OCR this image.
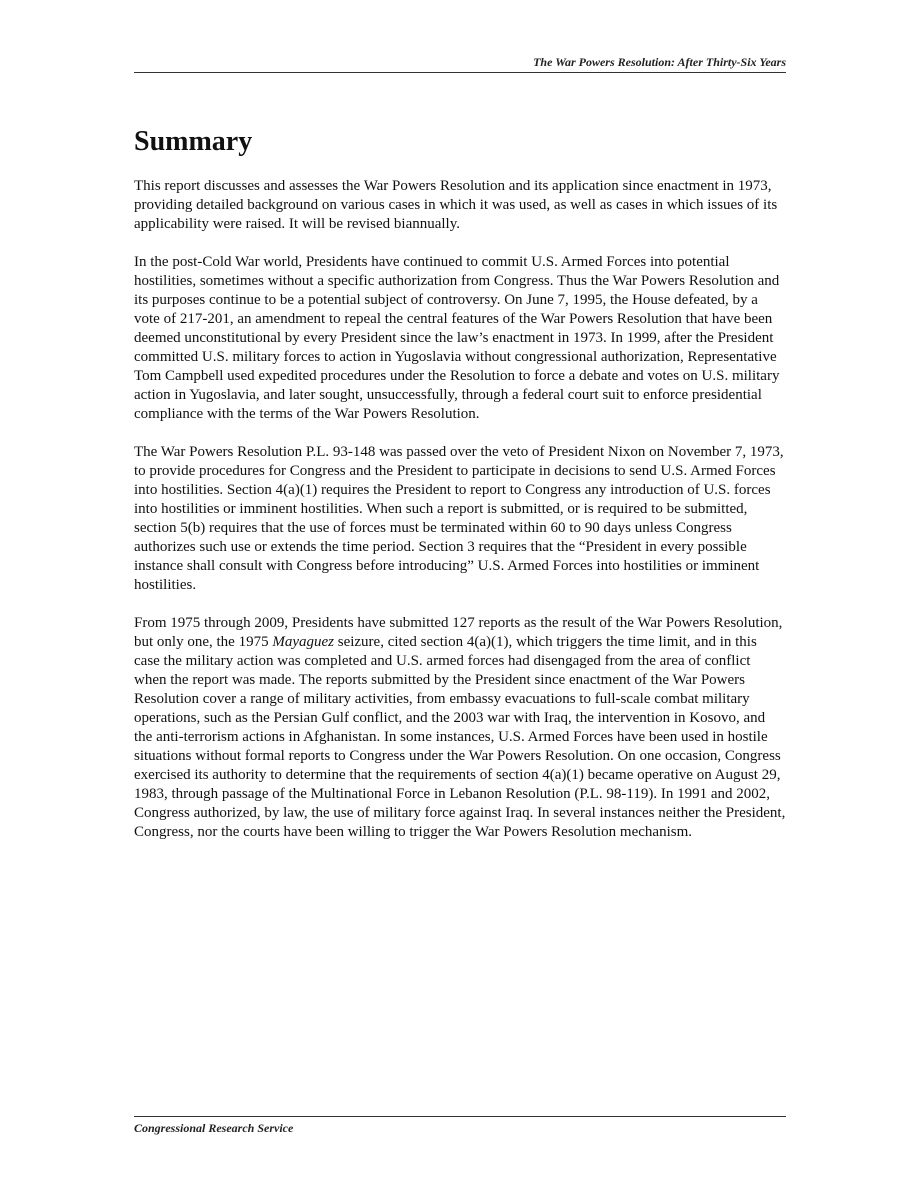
The War Powers Resolution: After Thirty-Six Years
Summary

This report discusses and assesses the War Powers Resolution and its application since enactment in 1973, providing detailed background on various cases in which it was used, as well as cases in which issues of its applicability were raised. It will be revised biannually.

In the post-Cold War world, Presidents have continued to commit U.S. Armed Forces into potential hostilities, sometimes without a specific authorization from Congress. Thus the War Powers Resolution and its purposes continue to be a potential subject of controversy. On June 7, 1995, the House defeated, by a vote of 217-201, an amendment to repeal the central features of the War Powers Resolution that have been deemed unconstitutional by every President since the law’s enactment in 1973. In 1999, after the President committed U.S. military forces to action in Yugoslavia without congressional authorization, Representative Tom Campbell used expedited procedures under the Resolution to force a debate and votes on U.S. military action in Yugoslavia, and later sought, unsuccessfully, through a federal court suit to enforce presidential compliance with the terms of the War Powers Resolution.

The War Powers Resolution P.L. 93-148 was passed over the veto of President Nixon on November 7, 1973, to provide procedures for Congress and the President to participate in decisions to send U.S. Armed Forces into hostilities. Section 4(a)(1) requires the President to report to Congress any introduction of U.S. forces into hostilities or imminent hostilities. When such a report is submitted, or is required to be submitted, section 5(b) requires that the use of forces must be terminated within 60 to 90 days unless Congress authorizes such use or extends the time period. Section 3 requires that the “President in every possible instance shall consult with Congress before introducing” U.S. Armed Forces into hostilities or imminent hostilities.

From 1975 through 2009, Presidents have submitted 127 reports as the result of the War Powers Resolution, but only one, the 1975 Mayaguez seizure, cited section 4(a)(1), which triggers the time limit, and in this case the military action was completed and U.S. armed forces had disengaged from the area of conflict when the report was made. The reports submitted by the President since enactment of the War Powers Resolution cover a range of military activities, from embassy evacuations to full-scale combat military operations, such as the Persian Gulf conflict, and the 2003 war with Iraq, the intervention in Kosovo, and the anti-terrorism actions in Afghanistan. In some instances, U.S. Armed Forces have been used in hostile situations without formal reports to Congress under the War Powers Resolution. On one occasion, Congress exercised its authority to determine that the requirements of section 4(a)(1) became operative on August 29, 1983, through passage of the Multinational Force in Lebanon Resolution (P.L. 98-119). In 1991 and 2002, Congress authorized, by law, the use of military force against Iraq. In several instances neither the President, Congress, nor the courts have been willing to trigger the War Powers Resolution mechanism.

Congressional Research Service
